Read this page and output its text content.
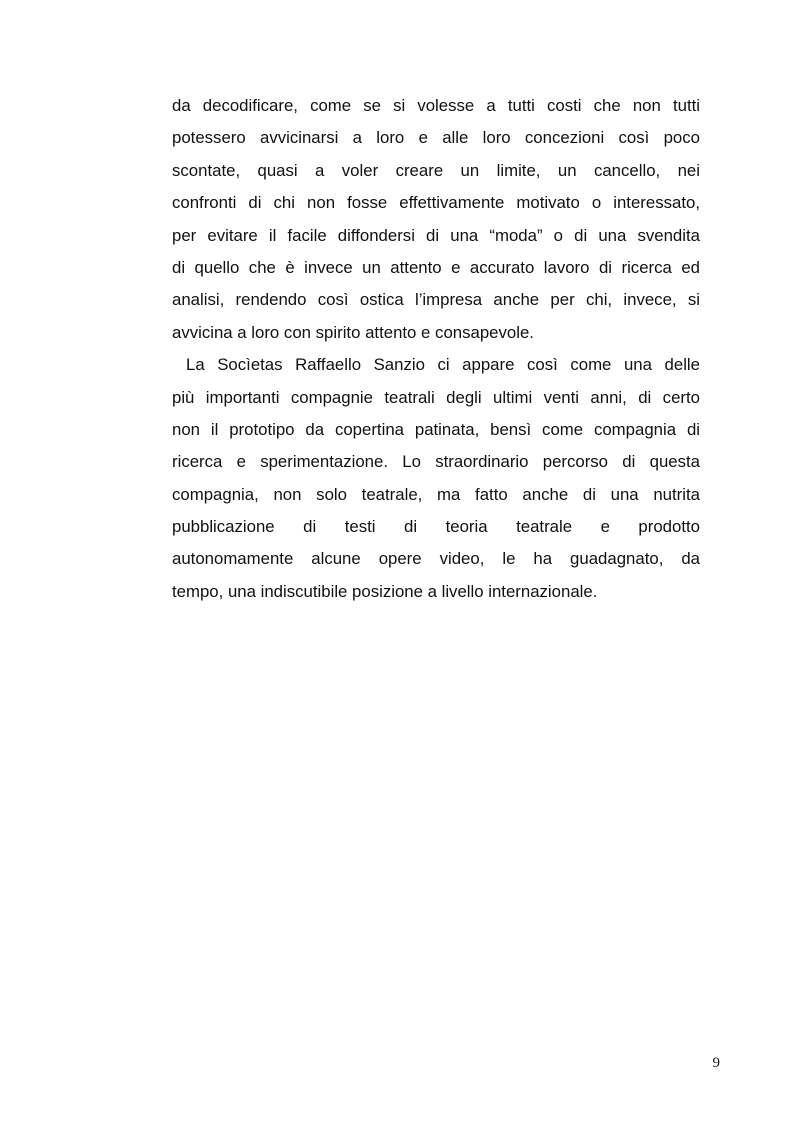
da decodificare, come se si volesse a tutti costi che non tutti
potessero avvicinarsi a loro e alle loro concezioni così poco
scontate, quasi a voler creare un limite, un cancello, nei
confronti di chi non fosse effettivamente motivato o interessato,
per evitare il facile diffondersi di una “moda” o di una svendita
di quello che è invece un attento e accurato lavoro di ricerca ed
analisi, rendendo così ostica l’impresa anche per chi, invece, si
avvicina a loro con spirito attento e consapevole.
La Socìetas Raffaello Sanzio ci appare così come una delle
più importanti compagnie teatrali degli ultimi venti anni, di certo
non il prototipo da copertina patinata, bensì come compagnia di
ricerca e sperimentazione. Lo straordinario percorso di questa
compagnia, non solo teatrale, ma fatto anche di una nutrita
pubblicazione di testi di teoria teatrale e prodotto
autonomamente alcune opere video, le ha guadagnato, da
tempo, una indiscutibile posizione a livello internazionale.
9
